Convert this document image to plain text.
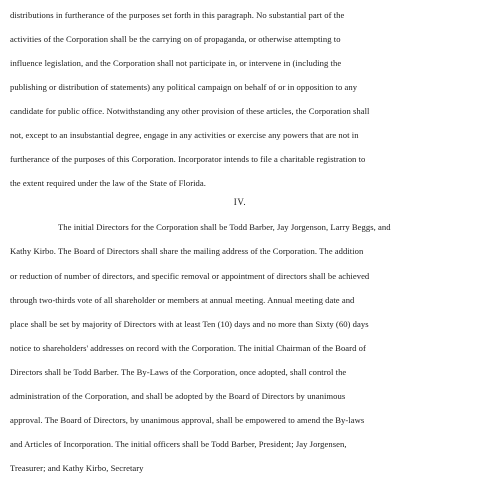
distributions in furtherance of the purposes set forth in this paragraph. No substantial part of the
activities of the Corporation shall be the carrying on of propaganda, or otherwise attempting to
influence legislation, and the Corporation shall not participate in, or intervene in (including the
publishing or distribution of statements) any political campaign on behalf of or in opposition to any
candidate for public office. Notwithstanding any other provision of these articles, the Corporation shall
not, except to an insubstantial degree, engage in any activities or exercise any powers that are not in
furtherance of the purposes of this Corporation. Incorporator intends to file a charitable registration to
the extent required under the law of the State of Florida.
IV.
The initial Directors for the Corporation shall be Todd Barber, Jay Jorgenson, Larry Beggs, and
Kathy Kirbo. The Board of Directors shall share the mailing address of the Corporation. The addition
or reduction of number of directors, and specific removal or appointment of directors shall be achieved
through two-thirds vote of all shareholder or members at annual meeting. Annual meeting date and
place shall be set by majority of Directors with at least Ten (10) days and no more than Sixty (60) days
notice to shareholders' addresses on record with the Corporation. The initial Chairman of the Board of
Directors shall be Todd Barber. The By-Laws of the Corporation, once adopted, shall control the
administration of the Corporation, and shall be adopted by the Board of Directors by unanimous
approval. The Board of Directors, by unanimous approval, shall be empowered to amend the By-laws
and Articles of Incorporation. The initial officers shall be Todd Barber, President; Jay Jorgensen,
Treasurer; and Kathy Kirbo, Secretary
